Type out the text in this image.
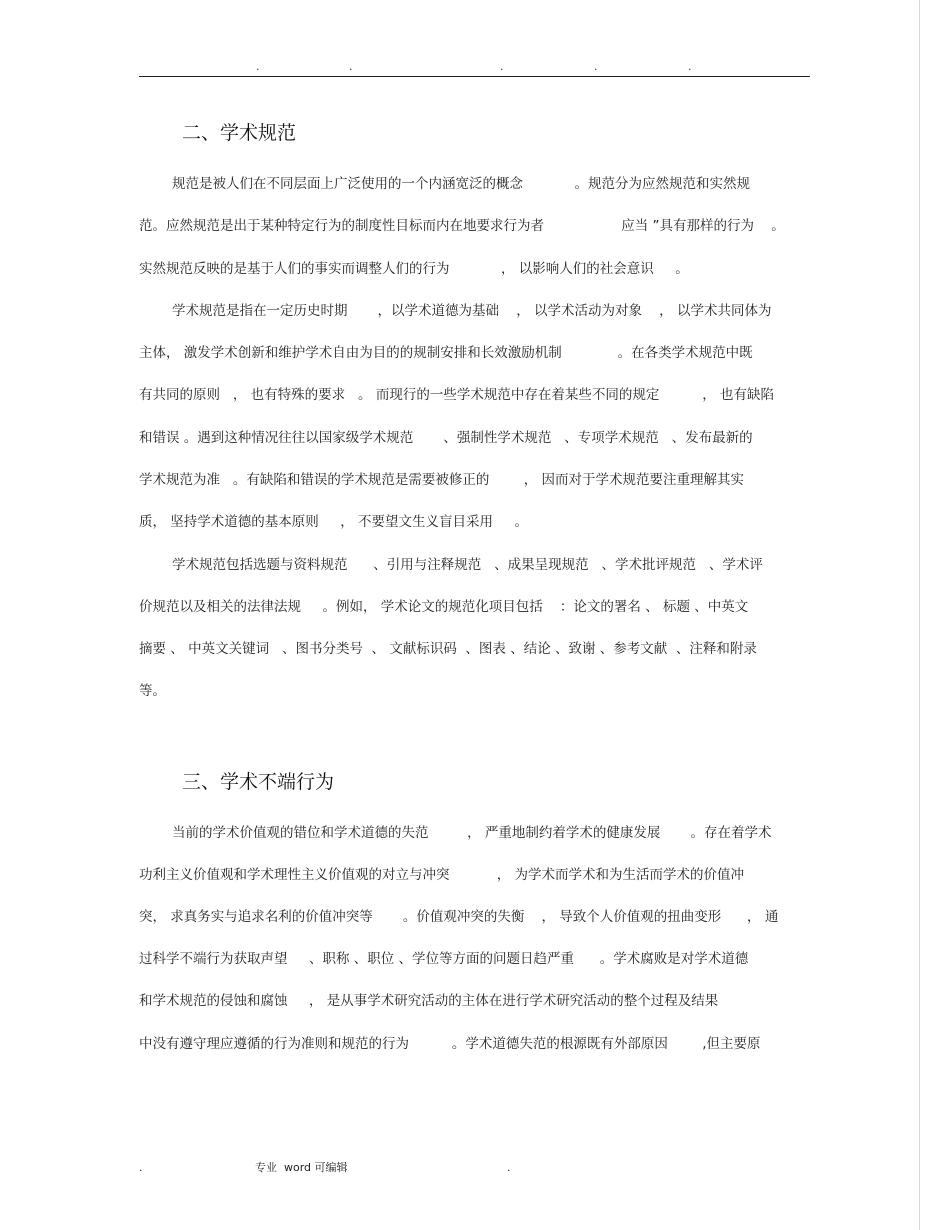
.	.	.	.	.
二、学术规范
规范是被人们在不同层面上广泛使用的一个内涵宽泛的概念            。规范分为应然规范和实然规
范。应然规范是出于某种特定行为的制度性目标而内在地要求行为者                  应当 ”具有那样的行为    。
实然规范反映的是基于人们的事实而调整人们的行为            ， 以影响人们的社会意识     。
学术规范是指在一定历史时期       ，以学术道德为基础    ， 以学术活动为对象    ， 以学术共同体为
主体， 激发学术创新和维护学术自由为目的的规制安排和长效激励机制             。在各类学术规范中既
有共同的原则   ， 也有特殊的要求   。 而现行的一些学术规范中存在着某些不同的规定          ， 也有缺陷
和错误 。遇到这种情况往往以国家级学术规范       、强制性学术规范   、专项学术规范   、发布最新的
学术规范为准   。有缺陷和错误的学术规范是需要被修正的        ， 因而对于学术规范要注重理解其实
质， 坚持学术道德的基本原则     ， 不要望文生义盲目采用     。
学术规范包括选题与资料规范      、引用与注释规范   、成果呈现规范   、学术批评规范   、学术评
价规范以及相关的法律法规     。例如， 学术论文的规范化项目包括    ：论文的署名 、 标题 、中英文
摘要 、 中英文关键词   、图书分类号  、 文献标识码  、图表 、结论 、致谢 、参考文献  、注释和附录
等。
三、学术不端行为
当前的学术价值观的错位和学术道德的失范         ， 严重地制约着学术的健康发展       。存在着学术
功利主义价值观和学术理性主义价值观的对立与冲突           ， 为学术而学术和为生活而学术的价值冲
突， 求真务实与追求名利的价值冲突等       。价值观冲突的失衡    ， 导致个人价值观的扭曲变形      ， 通
过科学不端行为获取声望     、职称 、职位 、学位等方面的问题日趋严重      。学术腐败是对学术道德
和学术规范的侵蚀和腐蚀     ， 是从事学术研究活动的主体在进行学术研究活动的整个过程及结果
中没有遵守理应遵循的行为准则和规范的行为          。学术道德失范的根源既有外部原因        ,但主要原
.	专业  word 可编辑	.
